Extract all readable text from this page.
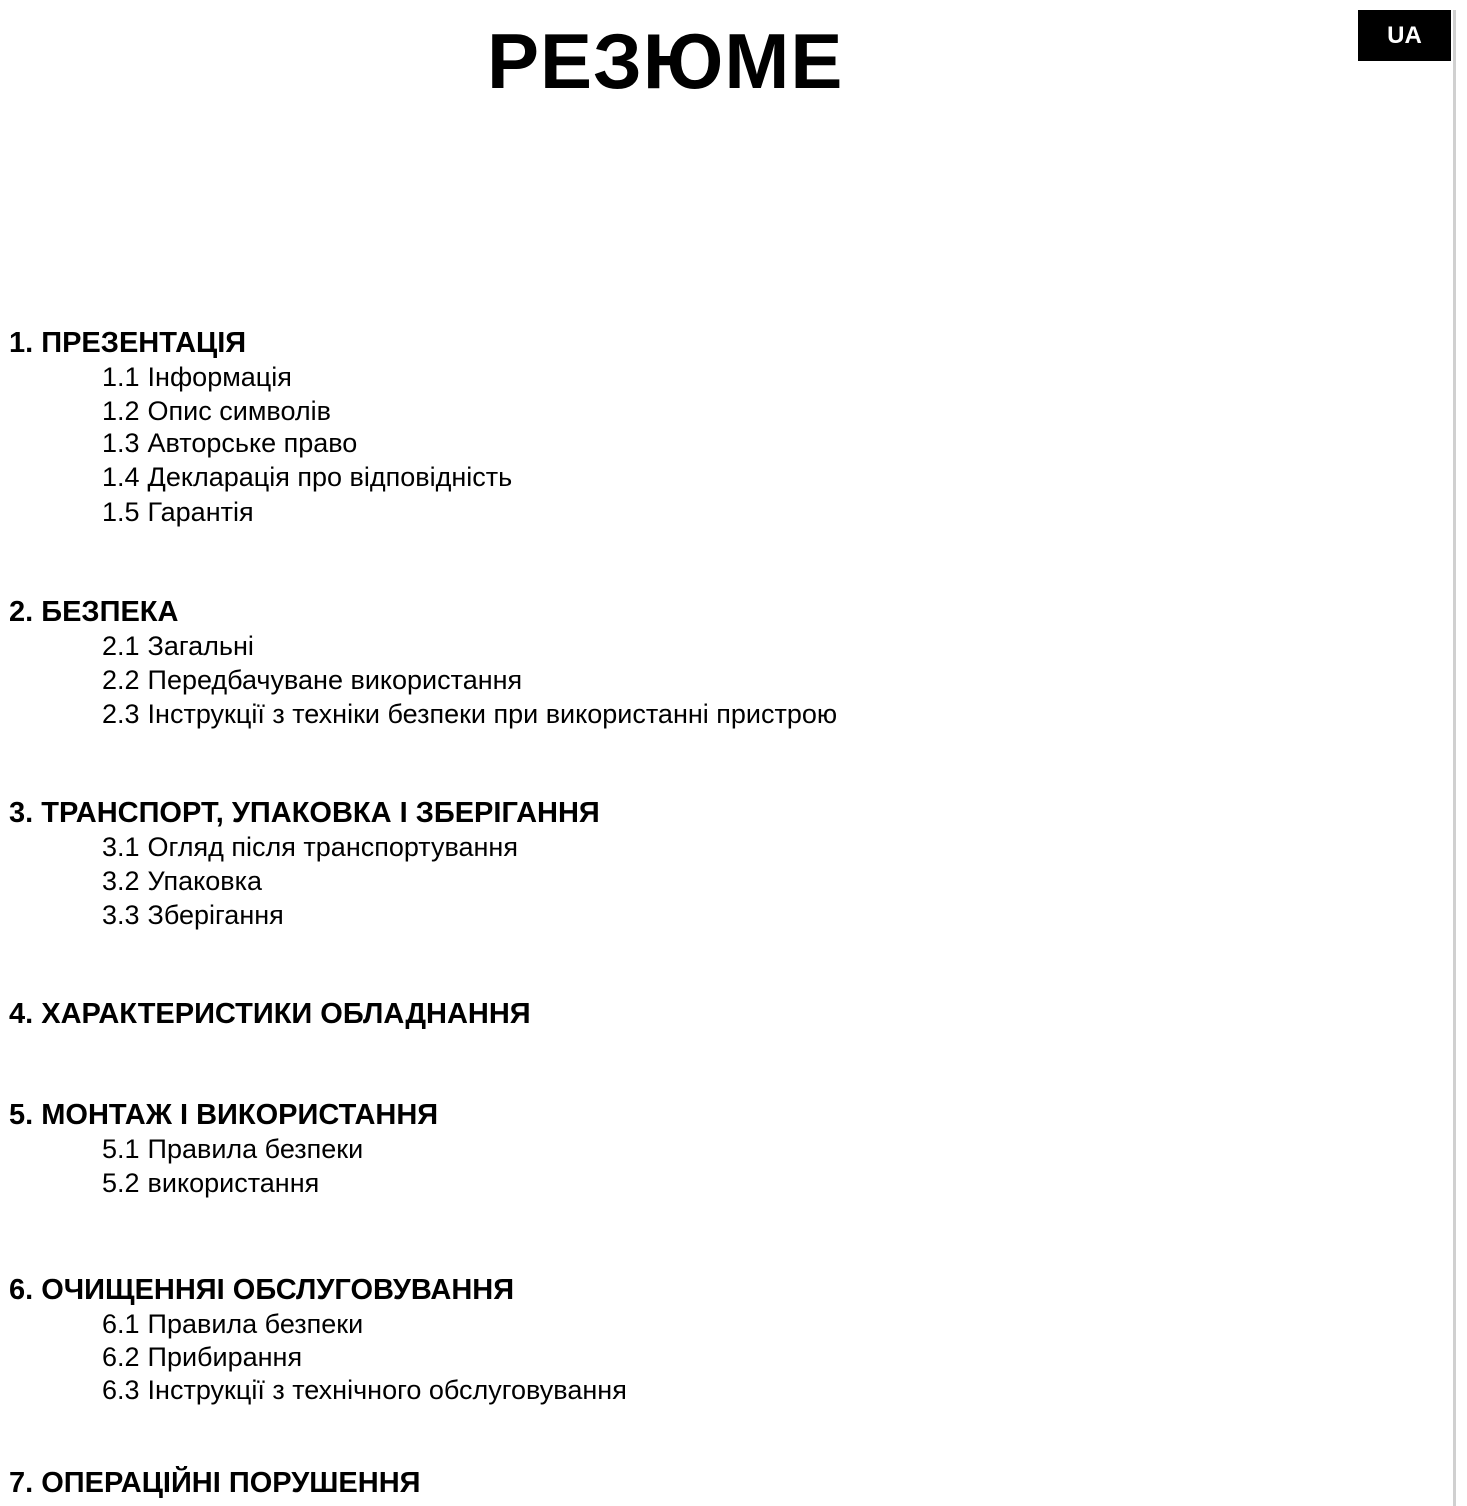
РЕЗЮМЕ	UA
1. ПРЕЗЕНТАЦІЯ
1.1 Інформація
1.2 Опис символів
1.3 Авторське право
1.4 Декларація про відповідність
1.5 Гарантія
2. БЕЗПЕКА
2.1 Загальні
2.2 Передбачуване використання
2.3 Інструкції з техніки безпеки при використанні пристрою
3. ТРАНСПОРТ, УПАКОВКА І ЗБЕРІГАННЯ
3.1 Огляд після транспортування
3.2 Упаковка
3.3 Зберігання
4. ХАРАКТЕРИСТИКИ ОБЛАДНАННЯ
5. МОНТАЖ І ВИКОРИСТАННЯ
5.1 Правила безпеки
5.2 використання
6. ОЧИЩЕННЯІ ОБСЛУГОВУВАННЯ
6.1 Правила безпеки
6.2 Прибирання
6.3 Інструкції з технічного обслуговування
7. ОПЕРАЦІЙНІ ПОРУШЕННЯ
